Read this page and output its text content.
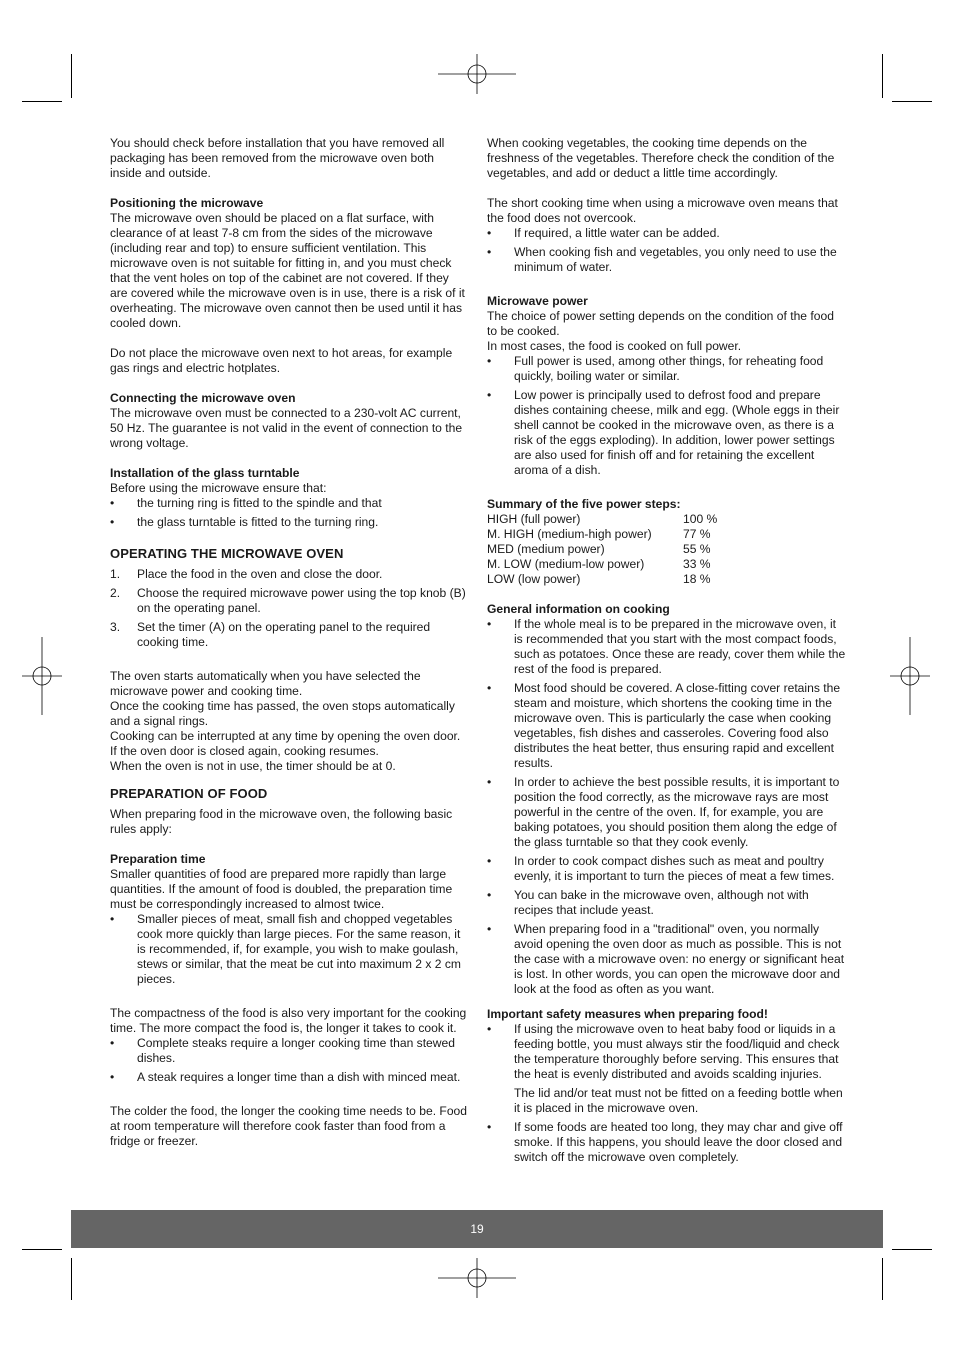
You should check before installation that you have removed all packaging has been removed from the microwave oven both inside and outside.

Positioning the microwave

The microwave oven should be placed on a flat surface, with clearance of at least 7-8 cm from the sides of the microwave (including rear and top) to ensure sufficient ventilation. This microwave oven is not suitable for fitting in, and you must check that the vent holes on top of the cabinet are not covered. If they are covered while the microwave oven is in use, there is a risk of it overheating. The microwave oven cannot then be used until it has cooled down.

Do not place the microwave oven next to hot areas, for example gas rings and electric hotplates.

Connecting the microwave oven

The microwave oven must be connected to a 230-volt AC current, 50 Hz. The guarantee is not valid in the event of connection to the wrong voltage.

Installation of the glass turntable

Before using the microwave ensure that:

• the turning ring is fitted to the spindle and that
• the glass turntable is fitted to the turning ring.

OPERATING THE MICROWAVE OVEN

1. Place the food in the oven and close the door.
2. Choose the required microwave power using the top knob (B) on the operating panel.
3. Set the timer (A) on the operating panel to the required cooking time.

The oven starts automatically when you have selected the microwave power and cooking time.

Once the cooking time has passed, the oven stops automatically and a signal rings.

Cooking can be interrupted at any time by opening the oven door. If the oven door is closed again, cooking resumes.

When the oven is not in use, the timer should be at 0.

PREPARATION OF FOOD

When preparing food in the microwave oven, the following basic rules apply:

Preparation time

Smaller quantities of food are prepared more rapidly than large quantities. If the amount of food is doubled, the preparation time must be correspondingly increased to almost twice.

• Smaller pieces of meat, small fish and chopped vegetables cook more quickly than large pieces. For the same reason, it is recommended, if, for example, you wish to make goulash, stews or similar, that the meat be cut into maximum 2 x 2 cm pieces.

The compactness of the food is also very important for the cooking time. The more compact the food is, the longer it takes to cook it.

• Complete steaks require a longer cooking time than stewed dishes.
• A steak requires a longer time than a dish with minced meat.

The colder the food, the longer the cooking time needs to be. Food at room temperature will therefore cook faster than food from a fridge or freezer.

When cooking vegetables, the cooking time depends on the freshness of the vegetables. Therefore check the condition of the vegetables, and add or deduct a little time accordingly.

The short cooking time when using a microwave oven means that the food does not overcook.

• If required, a little water can be added.
• When cooking fish and vegetables, you only need to use the minimum of water.

Microwave power

The choice of power setting depends on the condition of the food to be cooked.

In most cases, the food is cooked on full power.

• Full power is used, among other things, for reheating food quickly, boiling water or similar.
• Low power is principally used to defrost food and prepare dishes containing cheese, milk and egg. (Whole eggs in their shell cannot be cooked in the microwave oven, as there is a risk of the eggs exploding). In addition, lower power settings are also used for finish off and for retaining the excellent aroma of a dish.

Summary of the five power steps:

HIGH (full power)	100 %
M. HIGH (medium-high power)	77 %
MED (medium power)	55 %
M. LOW (medium-low power)	33 %
LOW (low power)	18 %

General information on cooking

• If the whole meal is to be prepared in the microwave oven, it is recommended that you start with the most compact foods, such as potatoes. Once these are ready, cover them while the rest of the food is prepared.
• Most food should be covered. A close-fitting cover retains the steam and moisture, which shortens the cooking time in the microwave oven. This is particularly the case when cooking vegetables, fish dishes and casseroles. Covering food also distributes the heat better, thus ensuring rapid and excellent results.
• In order to achieve the best possible results, it is important to position the food correctly, as the microwave rays are most powerful in the centre of the oven. If, for example, you are baking potatoes, you should position them along the edge of the glass turntable so that they cook evenly.
• In order to cook compact dishes such as meat and poultry evenly, it is important to turn the pieces of meat a few times.
• You can bake in the microwave oven, although not with recipes that include yeast.
• When preparing food in a "traditional" oven, you normally avoid opening the oven door as much as possible. This is not the case with a microwave oven: no energy or significant heat is lost. In other words, you can open the microwave door and look at the food as often as you want.

Important safety measures when preparing food!

• If using the microwave oven to heat baby food or liquids in a feeding bottle, you must always stir the food/liquid and check the temperature thoroughly before serving. This ensures that the heat is evenly distributed and avoids scalding injuries.

The lid and/or teat must not be fitted on a feeding bottle when it is placed in the microwave oven.

• If some foods are heated too long, they may char and give off smoke. If this happens, you should leave the door closed and switch off the microwave oven completely.
19
